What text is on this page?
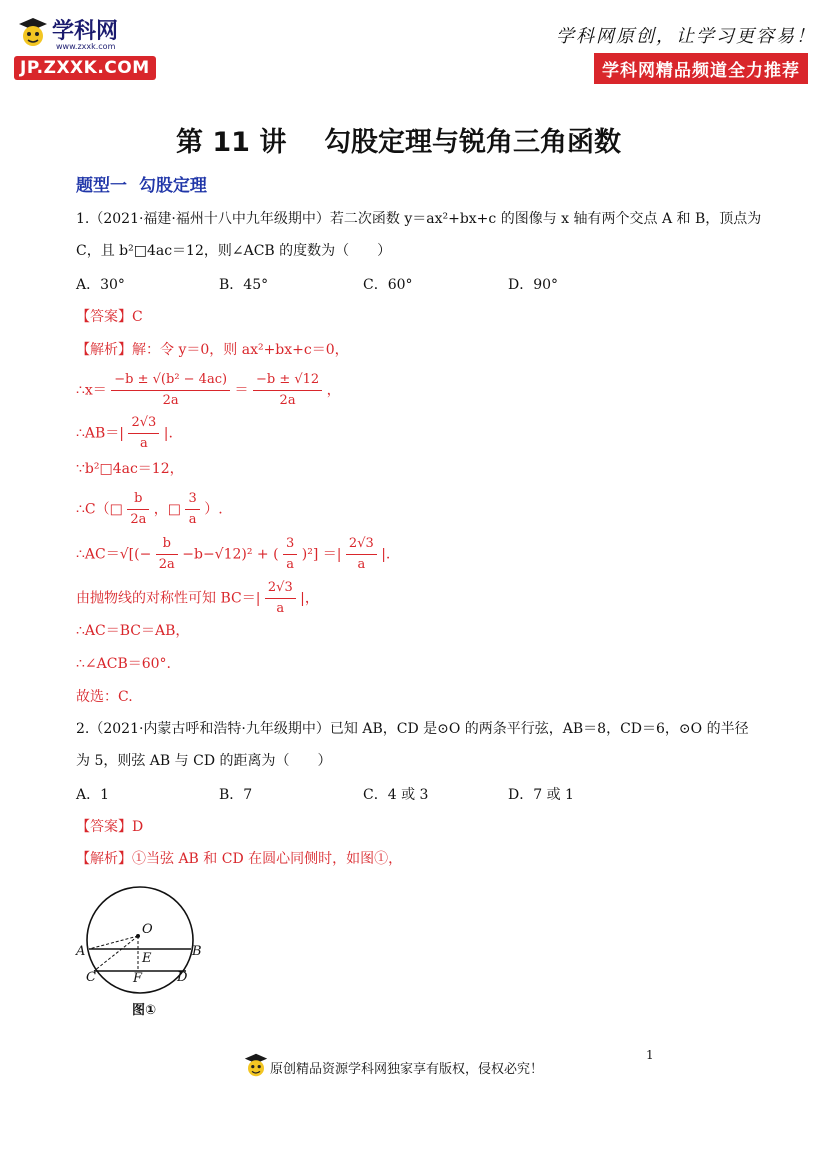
学科网
www.zxxk.com
JP.ZXXK.COM
学科网原创，让学习更容易！
学科网精品频道全力推荐
第 11 讲    勾股定理与锐角三角函数
题型一  勾股定理
1.（2021·福建·福州十八中九年级期中）若二次函数 y＝ax²+bx+c 的图像与 x 轴有两个交点 A 和 B，顶点为
C，且 b²□4ac＝12，则∠ACB 的度数为（　　）
A．30°	B．45°	C．60°	D．90°
【答案】C
【解析】解：令 y＝0，则 ax²+bx+c＝0，
∴x＝ $\frac{\text{−b ± √(b² − 4ac)}}{2a} = \frac{-b \pm √12}{2a}$ ，
∴AB＝| $\frac{2√3}{a}$ |.
∵b²□4ac＝12，
∴C（□ $\frac{b}{2a}$ ，□ $\frac{3}{a}$ ）.
∴AC＝√[(− $\frac{b}{2a} -b-√12)^2$ + ( $\frac{3}{a} )^2$] ＝| $\frac{2√3}{a}$ |.
由抛物线的对称性可知 $BC=| \frac{2√3}{a}$ |，
∴AC＝BC＝AB，
∴∠ACB＝60°.
故选：C.
2.（2021·内蒙古呼和浩特·九年级期中）已知 AB，CD 是⊙O 的两条平行弦，AB＝8，CD＝6，⊙O 的半径
为 5，则弦 AB 与 CD 的距离为（　　）
A．1	B．7	C．4 或 3	D．7 或 1
【答案】D
【解析】①当弦 AB 和 CD 在圆心同侧时，如图①，
O
A	B
E
C	F	D
图①
原创精品资源学科网独家享有版权，侵权必究！
1
